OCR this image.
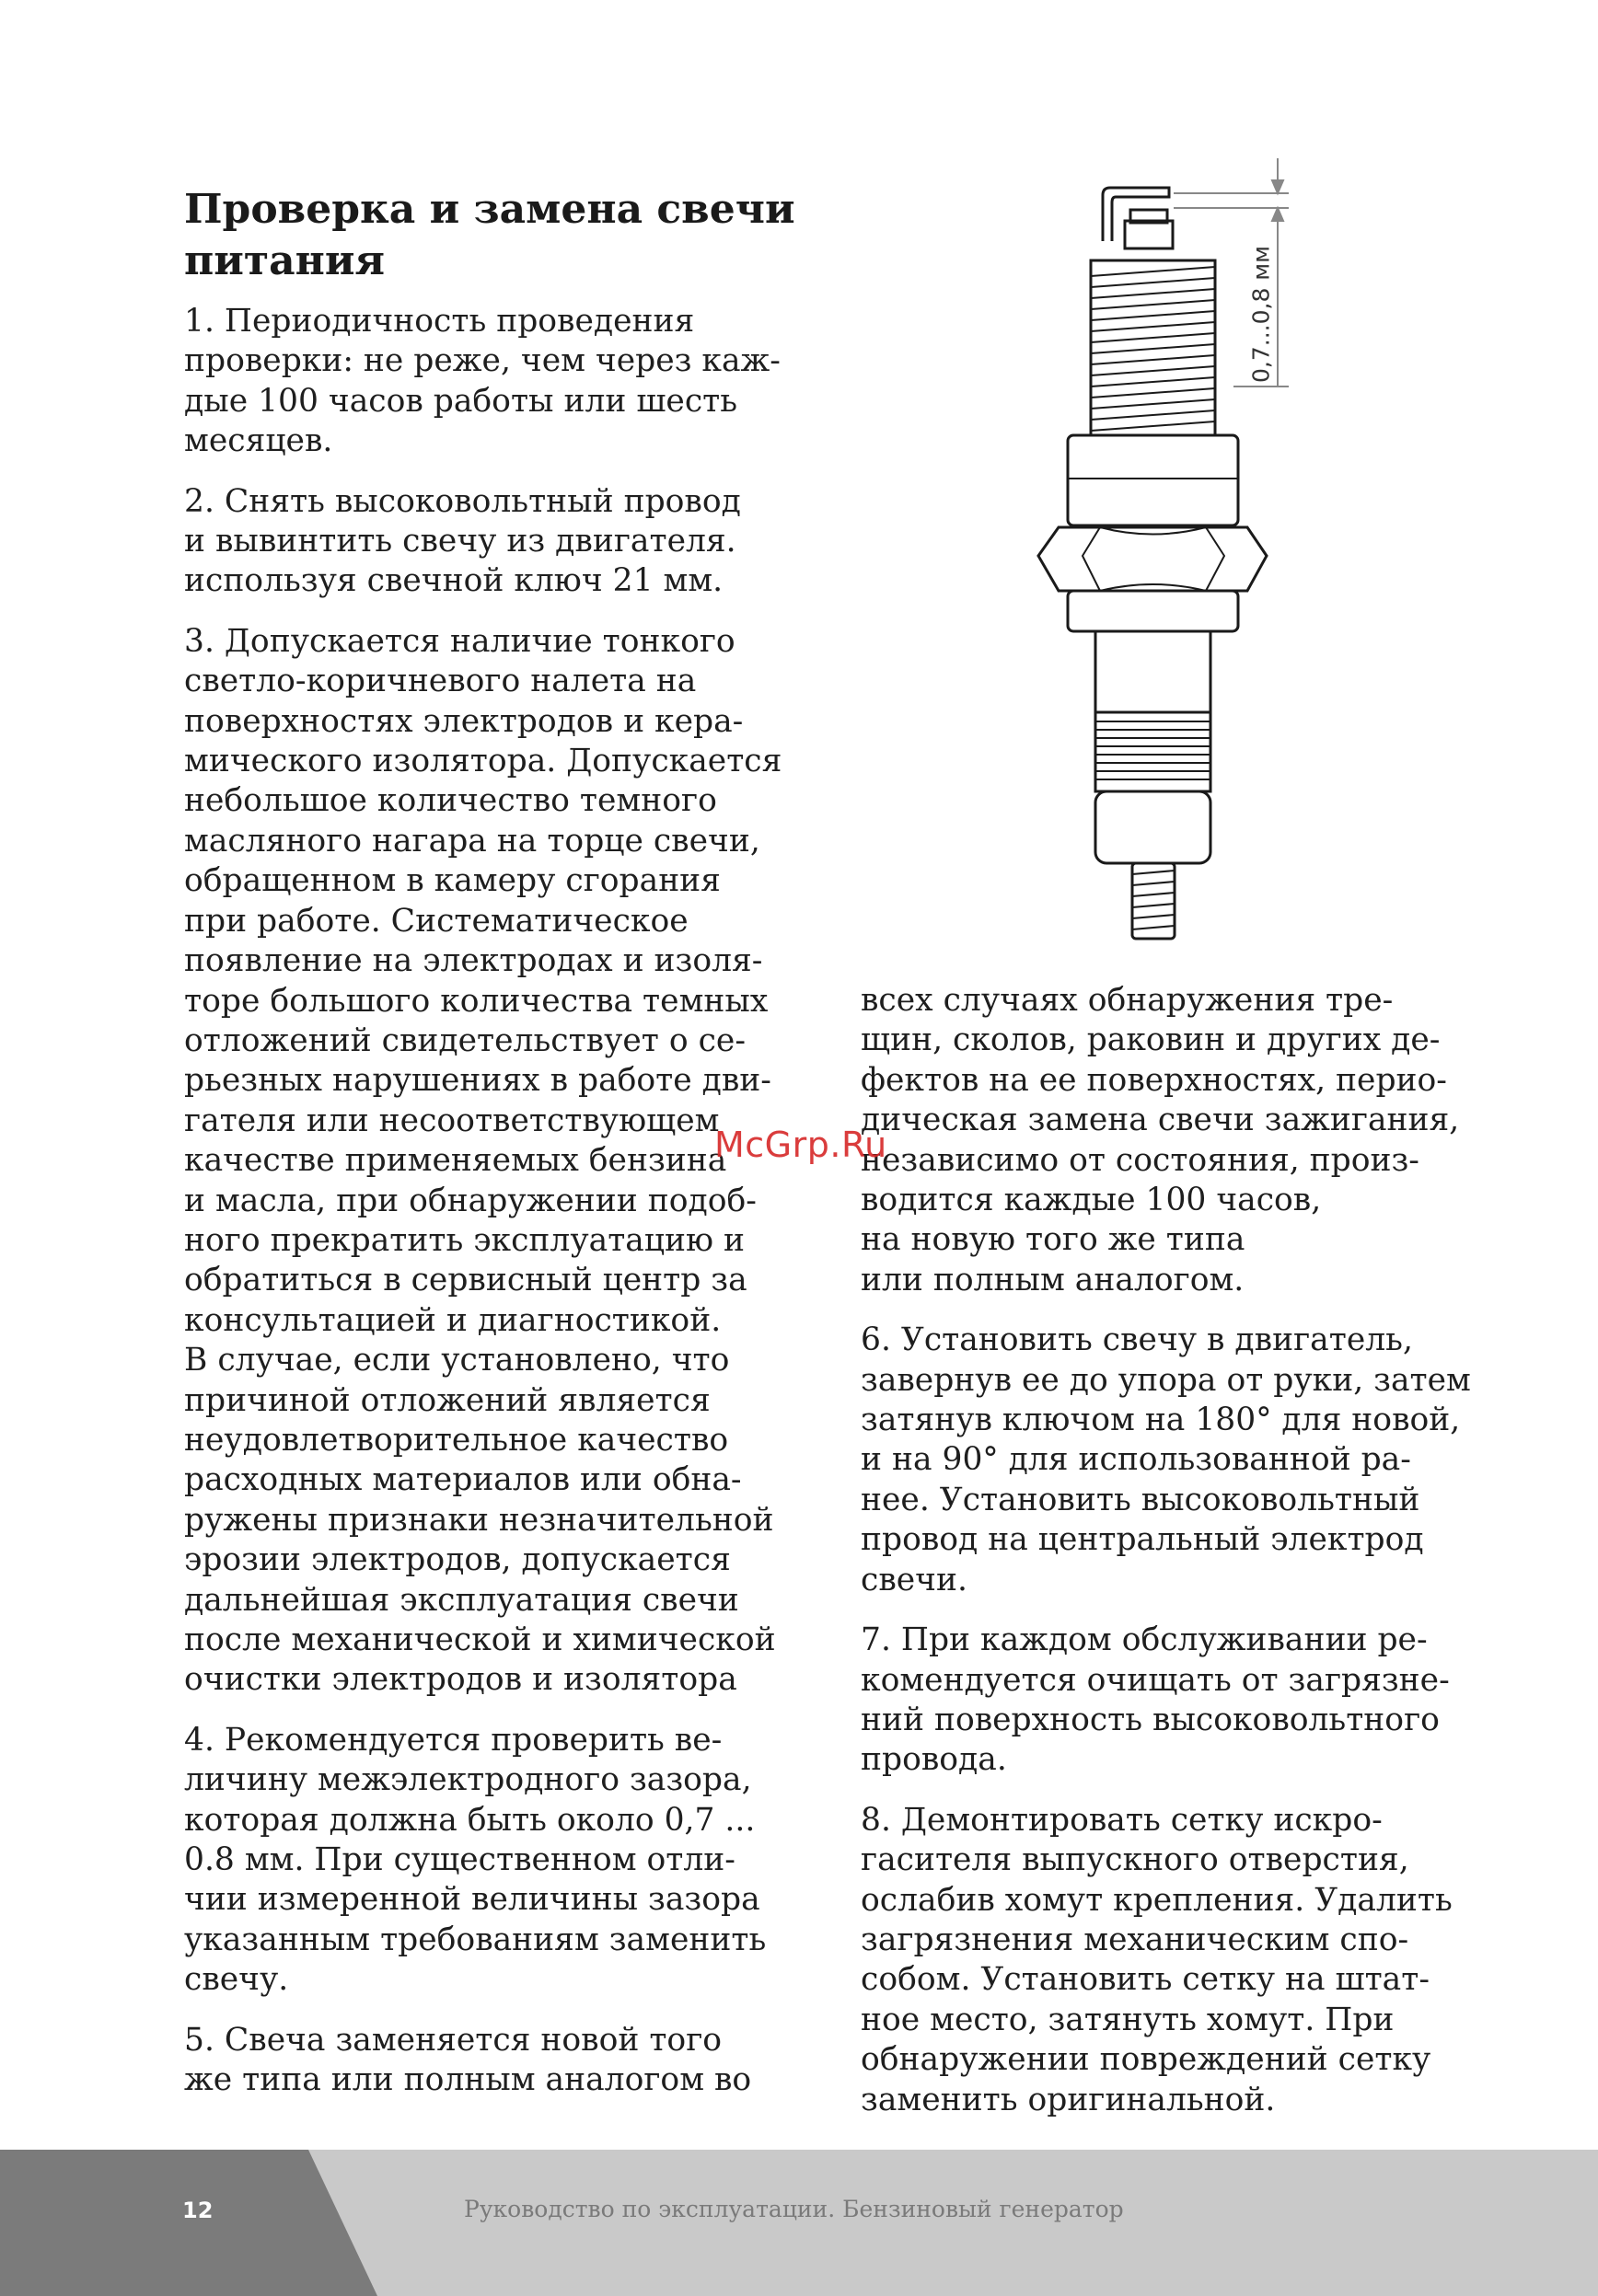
Проверка и замена свечи питания

1. Периодичность проведения
проверки: не реже, чем через каж-
дые 100 часов работы или шесть
месяцев.

2. Снять высоковольтный провод
и вывинтить свечу из двигателя.
используя свечной ключ 21 мм.

3. Допускается наличие тонкого
светло-коричневого налета на
поверхностях электродов и кера-
мического изолятора. Допускается
небольшое количество темного
масляного нагара на торце свечи,
обращенном в камеру сгорания
при работе. Систематическое
появление на электродах и изоля-
торе большого количества темных
отложений свидетельствует о се-
рьезных нарушениях в работе дви-
гателя или несоответствующем
качестве применяемых бензина
и масла, при обнаружении подоб-
ного прекратить эксплуатацию и
обратиться в сервисный центр за
консультацией и диагностикой.
В случае, если установлено, что
причиной отложений является
неудовлетворительное качество
расходных материалов или обна-
ружены признаки незначительной
эрозии электродов, допускается
дальнейшая эксплуатация свечи
после механической и химической
очистки электродов и изолятора

4. Рекомендуется проверить ве-
личину межэлектродного зазора,
которая должна быть около 0,7 ...
0.8 мм. При существенном отли-
чии измеренной величины зазора
указанным требованиям заменить
свечу.

5. Свеча заменяется новой того
же типа или полным аналогом во

0,7...0,8 мм

всех случаях обнаружения тре-
щин, сколов, раковин и других де-
фектов на ее поверхностях, перио-
дическая замена свечи зажигания,
независимо от состояния, произ-
водится каждые 100 часов,
на новую того же типа
или полным аналогом.

6. Установить свечу в двигатель,
завернув ее до упора от руки, затем
затянув ключом на 180° для новой,
и на 90° для использованной ра-
нее. Установить высоковольтный
провод на центральный электрод
свечи.

7. При каждом обслуживании ре-
комендуется очищать от загрязне-
ний поверхность высоковольтного
провода.

8. Демонтировать сетку искро-
гасителя выпускного отверстия,
ослабив хомут крепления. Удалить
загрязнения механическим спо-
собом. Установить сетку на штат-
ное место, затянуть хомут. При
обнаружении повреждений сетку
заменить оригинальной.

McGrp.Ru
12	Руководство по эксплуатации. Бензиновый генератор
